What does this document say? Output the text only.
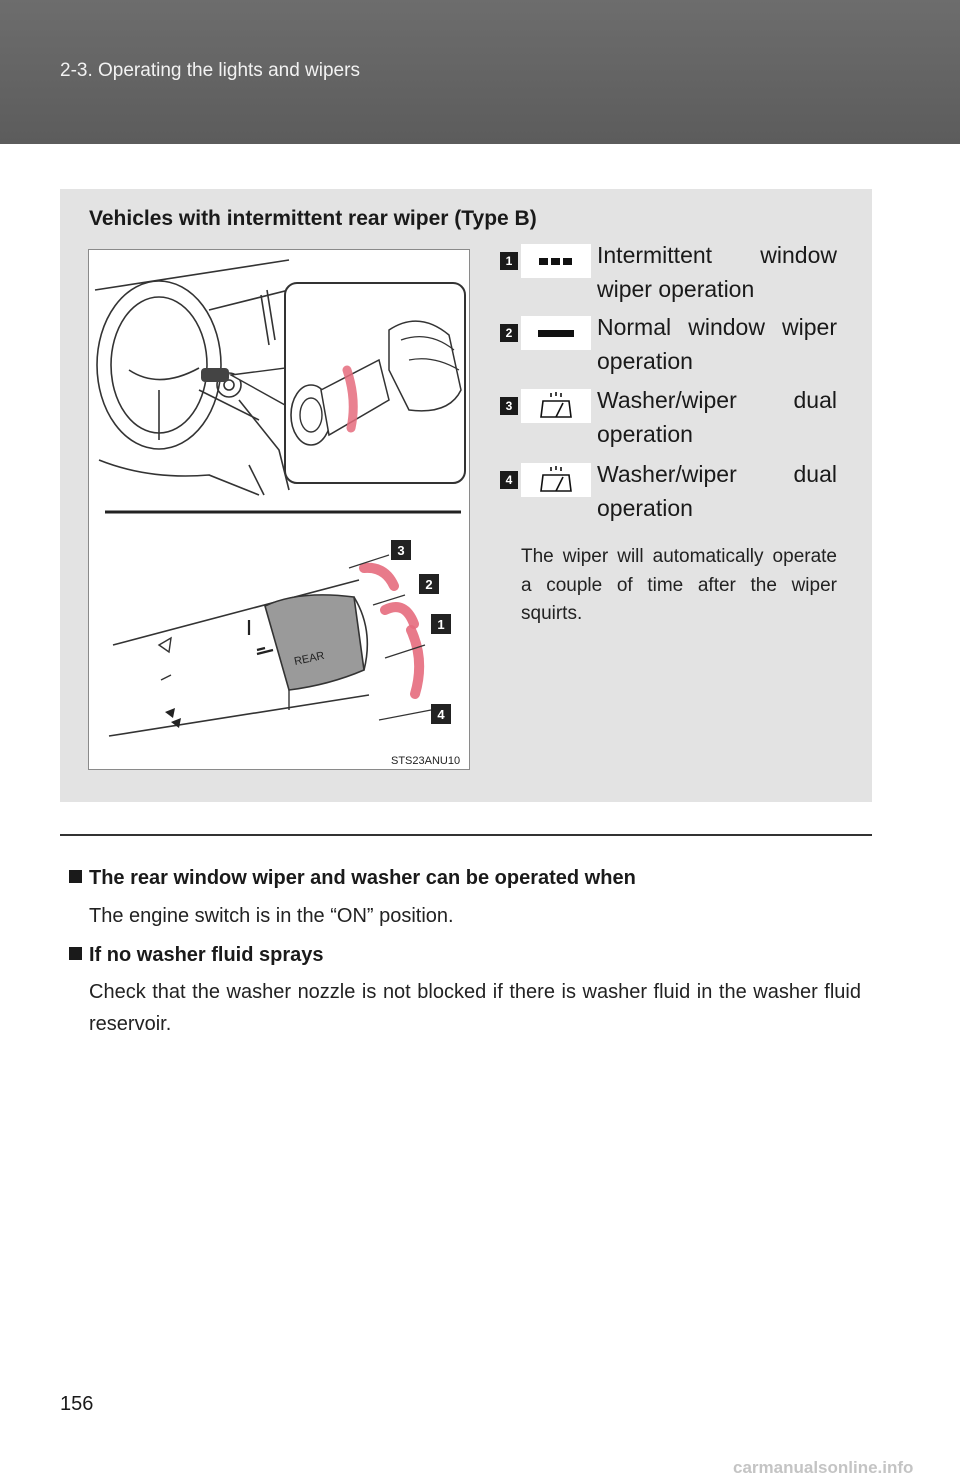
2-3. Operating the lights and wipers
Vehicles with intermittent rear wiper (Type B)
REAR
3
2
1
4
STS23ANU10
1	Intermittent window
wiper operation
2	Normal window wiper
operation
3	Washer/wiper dual
operation
4	Washer/wiper dual
operation
The wiper will automatically operate a couple of time after the wiper squirts.
The rear window wiper and washer can be operated when
The engine switch is in the “ON” position.
If no washer fluid sprays
Check that the washer nozzle is not blocked if there is washer fluid in the washer fluid reservoir.
156
carmanualsonline.info
